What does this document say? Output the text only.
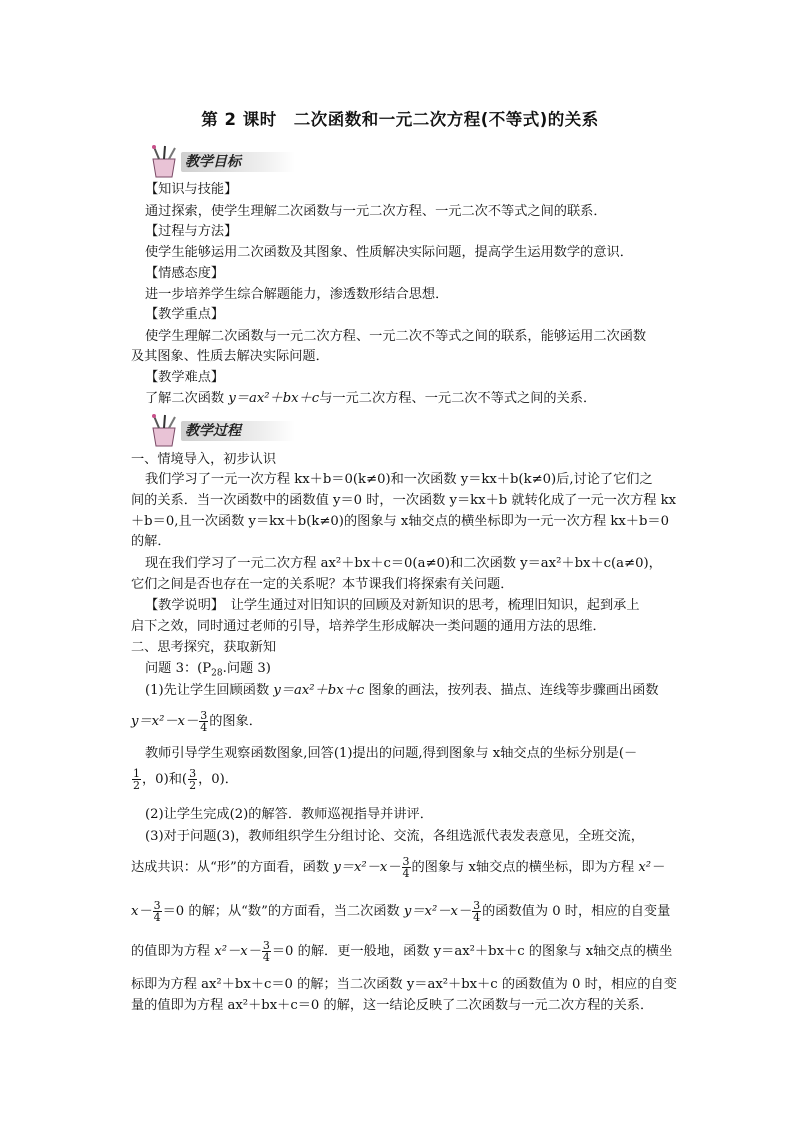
第 2 课时　二次函数和一元二次方程(不等式)的关系
教学目标
【知识与技能】
通过探索，使学生理解二次函数与一元二次方程、一元二次不等式之间的联系．
【过程与方法】
使学生能够运用二次函数及其图象、性质解决实际问题，提高学生运用数学的意识．
【情感态度】
进一步培养学生综合解题能力，渗透数形结合思想．
【教学重点】
使学生理解二次函数与一元二次方程、一元二次不等式之间的联系，能够运用二次函数
及其图象、性质去解决实际问题．
【教学难点】
了解二次函数 y＝ax²＋bx＋c与一元二次方程、一元二次不等式之间的关系．
教学过程
一、情境导入，初步认识
我们学习了一元一次方程 kx＋b＝0(k≠0)和一次函数 y＝kx＋b(k≠0)后,讨论了它们之
间的关系．当一次函数中的函数值 y＝0 时，一次函数 y＝kx＋b 就转化成了一元一次方程 kx
＋b＝0,且一次函数 y＝kx＋b(k≠0)的图象与 x轴交点的横坐标即为一元一次方程 kx＋b＝0
的解．
现在我们学习了一元二次方程 ax²＋bx＋c＝0(a≠0)和二次函数 y＝ax²＋bx＋c(a≠0)，
它们之间是否也存在一定的关系呢？本节课我们将探索有关问题．
【教学说明】　让学生通过对旧知识的回顾及对新知识的思考，梳理旧知识，起到承上
启下之效，同时通过老师的引导，培养学生形成解决一类问题的通用方法的思维．
二、思考探究，获取新知
问题 3：($P_{28}$.问题 3)
(1)先让学生回顾函数 y＝ax²＋bx＋c 图象的画法，按列表、描点、连线等步骤画出函数
$y=x^2-x- \frac{3}{4}$ 的图象．
教师引导学生观察函数图象,回答(1)提出的问题,得到图象与 x轴交点的坐标分别是(－
$\frac{1}{2}$ ，0)和( $\frac{3}{2}$ ，0)．
(2)让学生完成(2)的解答．教师巡视指导并讲评．
(3)对于问题(3)，教师组织学生分组讨论、交流，各组选派代表发表意见，全班交流，
达成共识：从“形”的方面看，函数 $y=x^2-x- \frac{3}{4}$ 的图象与 x轴交点的横坐标，即为方程 x²－
$x- \frac{3}{4} =0$ 的解；从“数”的方面看，当二次函数 $y=x^2-x- \frac{3}{4}$ 的函数值为 0 时，相应的自变量
的值即为方程 $x^2-x- \frac{3}{4} =0$ 的解．更一般地，函数 y＝ax²＋bx＋c 的图象与 x轴交点的横坐
标即为方程 ax²＋bx＋c＝0 的解；当二次函数 y＝ax²＋bx＋c 的函数值为 0 时，相应的自变
量的值即为方程 ax²＋bx＋c＝0 的解，这一结论反映了二次函数与一元二次方程的关系．
